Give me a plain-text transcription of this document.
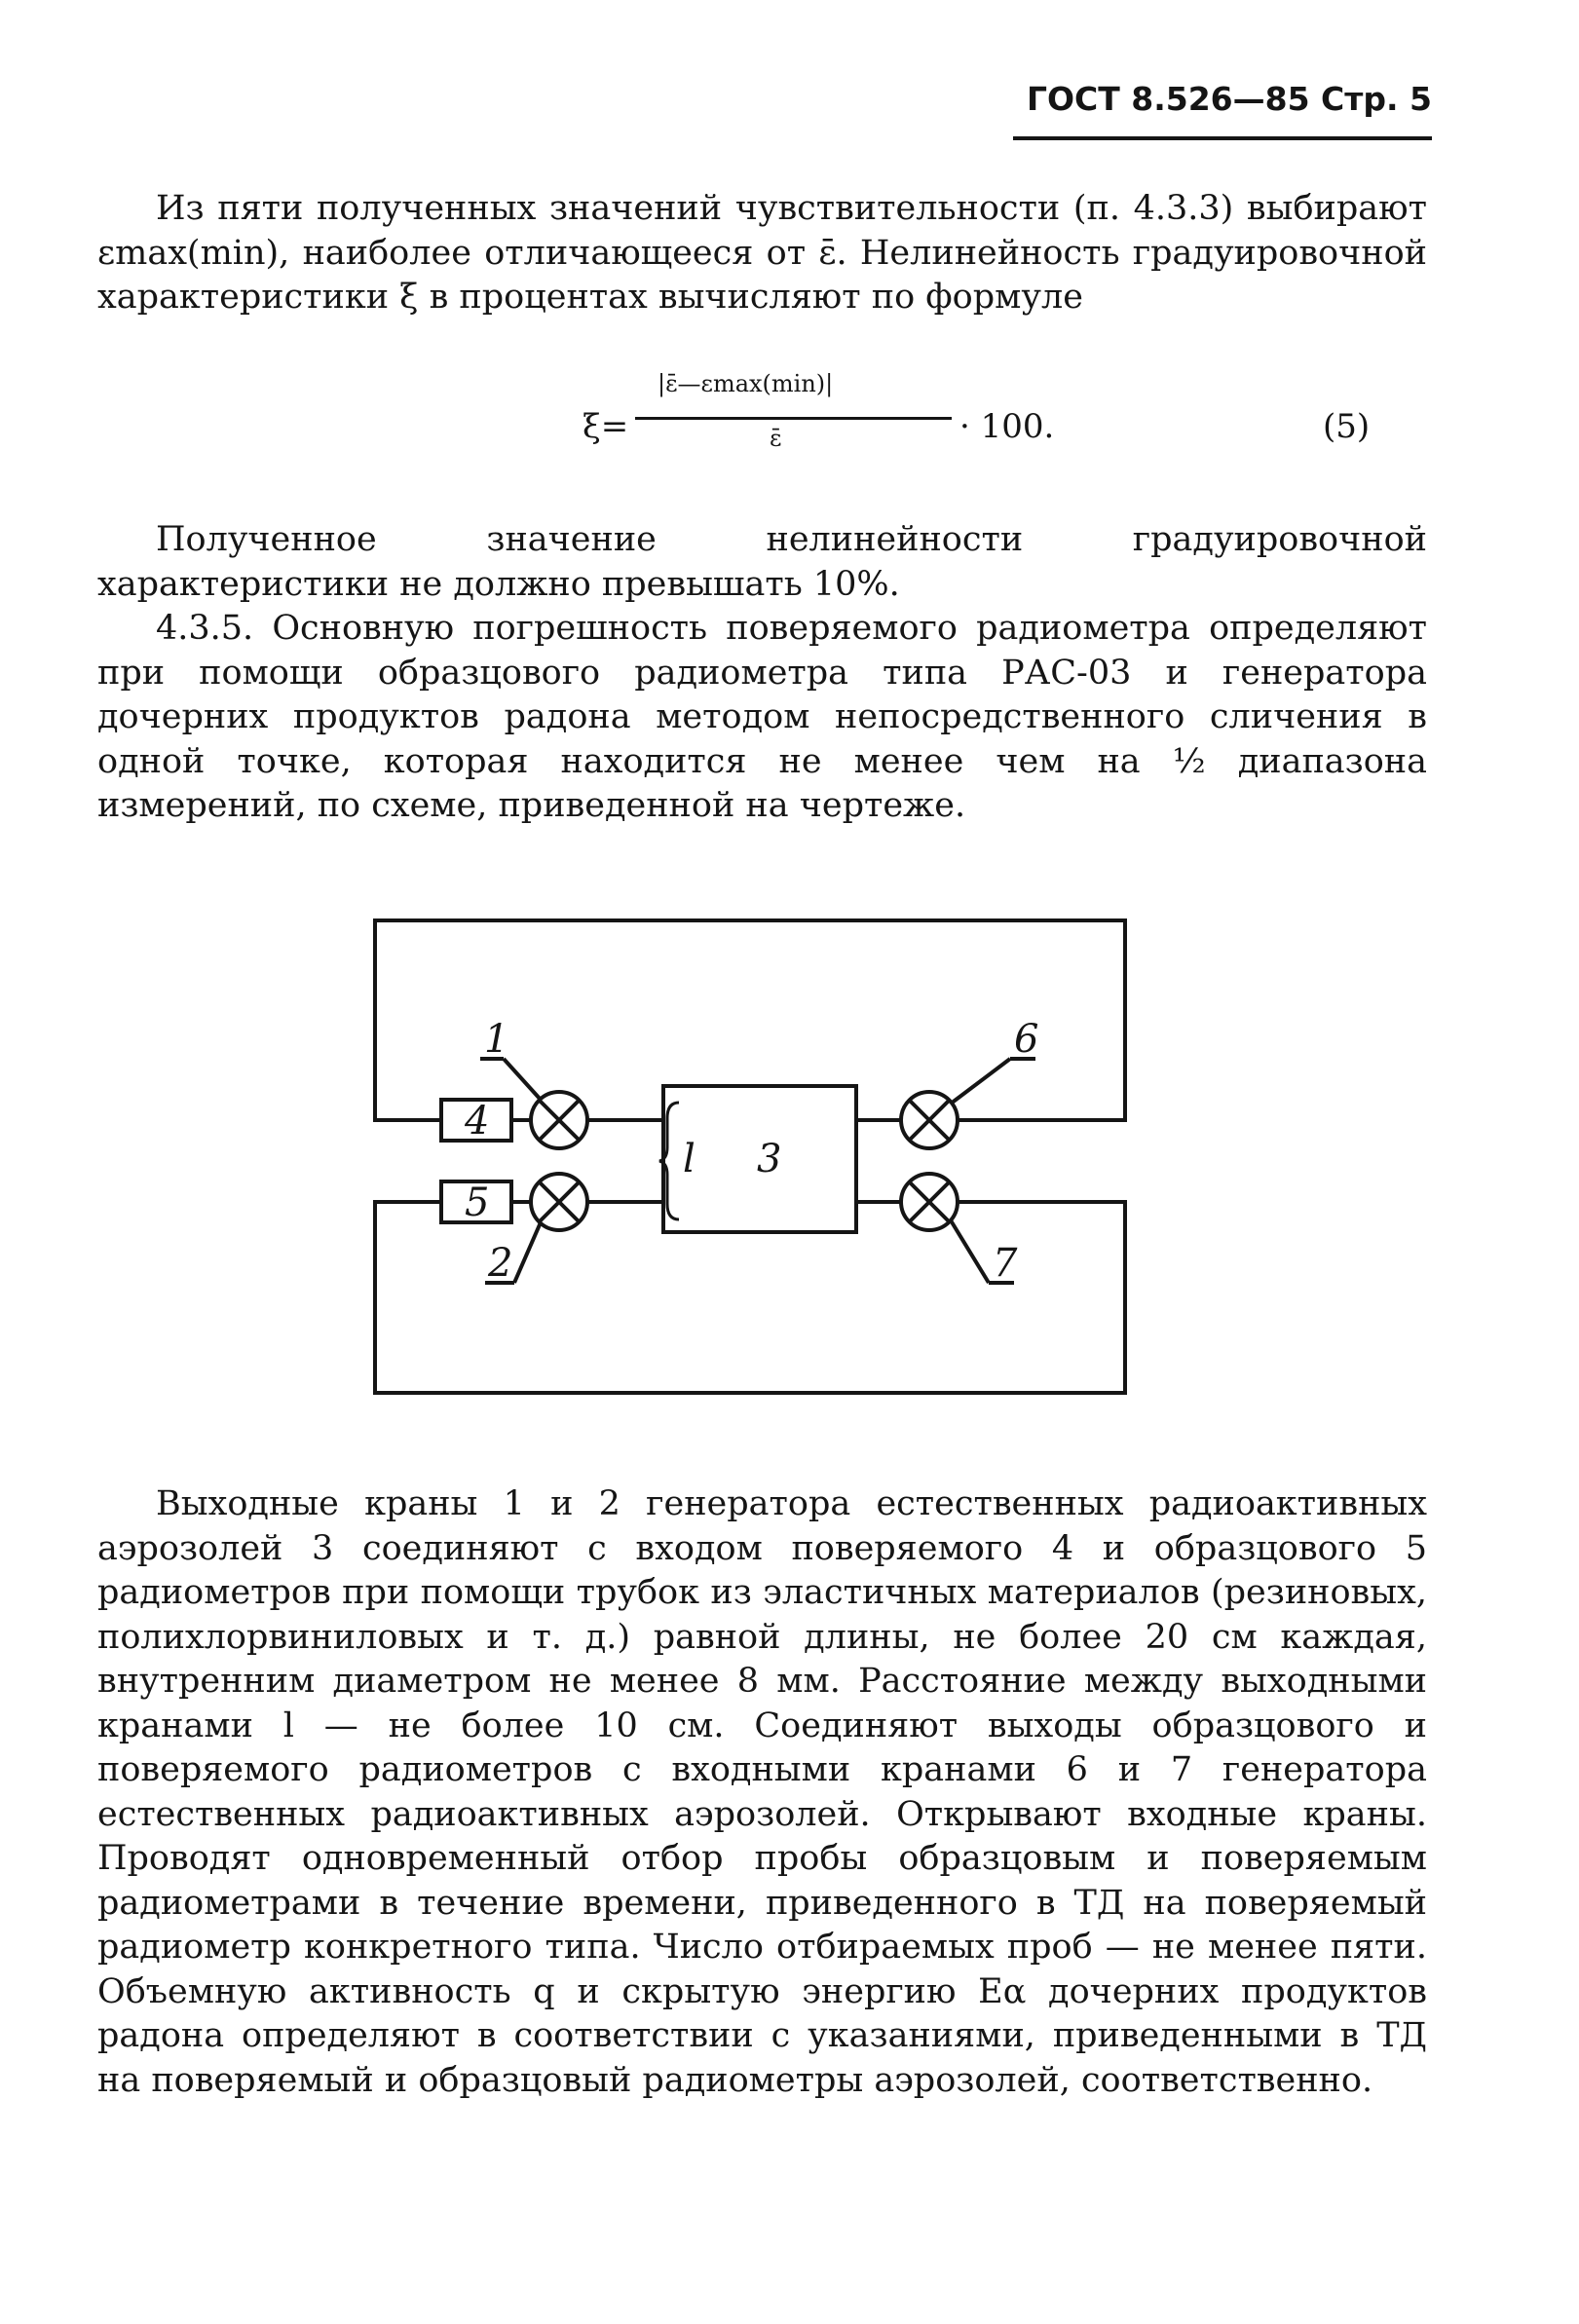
ГОСТ 8.526—85 Стр. 5
Из пяти полученных значений чувствительности (п. 4.3.3) выбирают εmax(min), наиболее отличающееся от ε̄. Нелинейность градуировочной характеристики ξ в процентах вычисляют по формуле
ξ=
|ε̄—εmax(min)|
ε̄	· 100.	(5)
Полученное значение нелинейности градуировочной характеристики не должно превышать 10%.
4.3.5. Основную погрешность поверяемого радиометра определяют при помощи образцового радиометра типа РАС-03 и генератора дочерних продуктов радона методом непосредственного сличения в одной точке, которая находится не менее чем на ½ диапазона измерений, по схеме, приведенной на чертеже.
1
2
3
4
5
6
7
l
Выходные краны 1 и 2 генератора естественных радиоактивных аэрозолей 3 соединяют с входом поверяемого 4 и образцового 5 радиометров при помощи трубок из эластичных материалов (резиновых, полихлорвиниловых и т. д.) равной длины, не более 20 см каждая, внутренним диаметром не менее 8 мм. Расстояние между выходными кранами l — не более 10 см. Соединяют выходы образцового и поверяемого радиометров с входными кранами 6 и 7 генератора естественных радиоактивных аэрозолей. Открывают входные краны. Проводят одновременный отбор пробы образцовым и поверяемым радиометрами в течение времени, приведенного в ТД на поверяемый радиометр конкретного типа. Число отбираемых проб — не менее пяти. Объемную активность q и скрытую энергию Eα дочерних продуктов радона определяют в соответствии с указаниями, приведенными в ТД на поверяемый и образцовый радиометры аэрозолей, соответственно.
